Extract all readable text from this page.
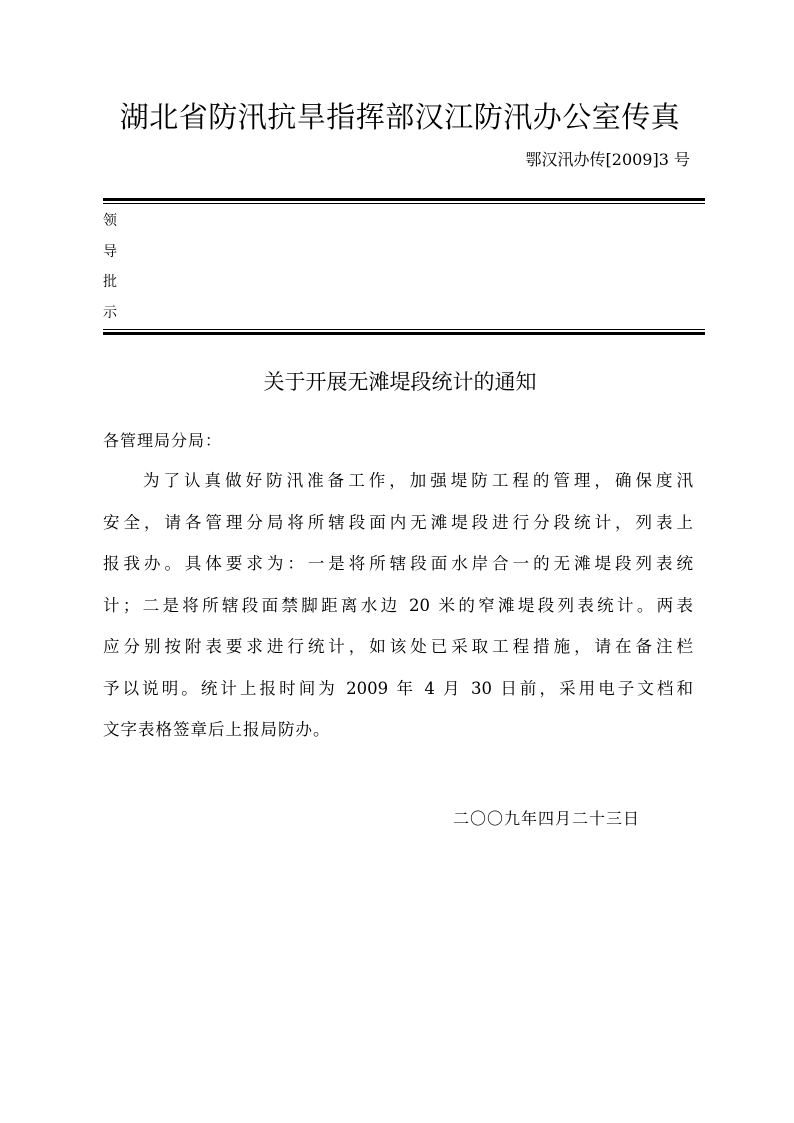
湖北省防汛抗旱指挥部汉江防汛办公室传真
鄂汉汛办传[2009]3 号
领
导
批
示
关于开展无滩堤段统计的通知
各管理局分局：
为了认真做好防汛准备工作，加强堤防工程的管理，确保度汛
安全，请各管理分局将所辖段面内无滩堤段进行分段统计，列表上
报我办。具体要求为：一是将所辖段面水岸合一的无滩堤段列表统
计；二是将所辖段面禁脚距离水边 20 米的窄滩堤段列表统计。两表
应分别按附表要求进行统计，如该处已采取工程措施，请在备注栏
予以说明。统计上报时间为 2009 年 4 月 30 日前，采用电子文档和
文字表格签章后上报局防办。
二〇〇九年四月二十三日
